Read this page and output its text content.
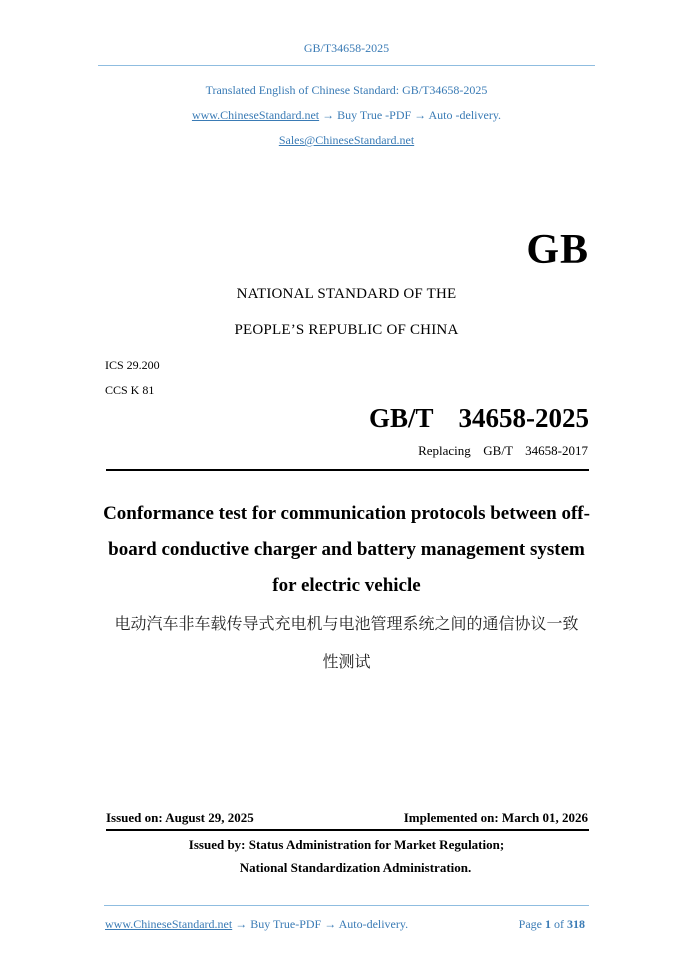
GB/T34658-2025
Translated English of Chinese Standard: GB/T34658-2025
www.ChineseStandard.net → Buy True -PDF → Auto -delivery.
Sales@ChineseStandard.net
GB
NATIONAL STANDARD OF THE
PEOPLE’S REPUBLIC OF CHINA
ICS 29.200
CCS K 81
GB/T  34658-2025
Replacing  GB/T  34658-2017
Conformance test for communication protocols between off-
board conductive charger and battery management system
for electric vehicle
电动汽车非车载传导式充电机与电池管理系统之间的通信协议一致
性测试
Issued on: August 29, 2025	Implemented on: March 01, 2026
Issued by: Status Administration for Market Regulation;
National Standardization Administration.
www.ChineseStandard.net → Buy True-PDF → Auto-delivery.	Page 1 of 318
